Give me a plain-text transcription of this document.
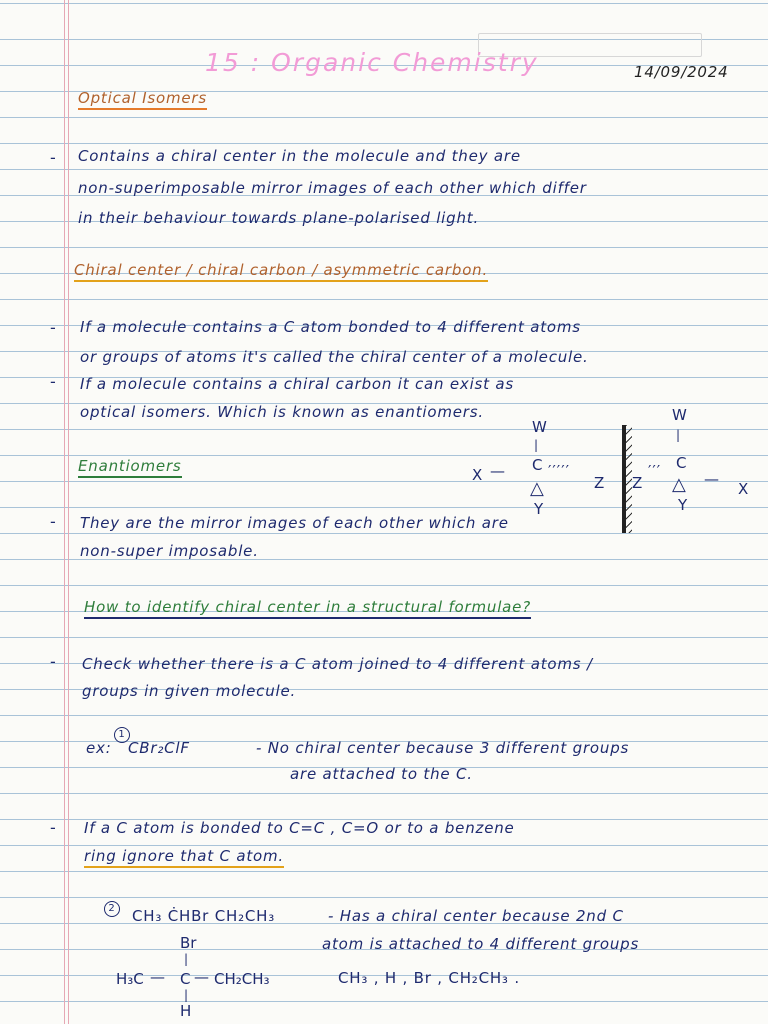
15 : Organic Chemistry	14/09/2024
Optical Isomers
- Contains a chiral center in the molecule and they are
non-superimposable mirror images of each other which differ
in their behaviour towards plane-polarised light.
Chiral center / chiral carbon / asymmetric carbon.
- If a molecule contains a C atom bonded to 4 different atoms
or groups of atoms it's called the chiral center of a molecule.
- If a molecule contains a chiral carbon it can exist as
optical isomers. Which is known as enantiomers.
Enantiomers
- They are the mirror images of each other which are
non-super imposable.
W
|
C
X —	′′′′′
Z
△
Y
W
|
C
Z
′′′	—
X
△
Y
How to identify chiral center in a structural formulae?
- Check whether there is a C atom joined to 4 different atoms /
groups in given molecule.
ex:
1
CBr₂ClF	- No chiral center because 3 different groups
are attached to the C.
- If a C atom is bonded to C=C , C=O or to a benzene
ring ignore that C atom.
2 CH₃ ĊHBr CH₂CH₃	- Has a chiral center because 2nd C
atom is attached to 4 different groups
CH₃ , H , Br , CH₂CH₃ .
Br
|
H₃C — C — CH₂CH₃
|
H
